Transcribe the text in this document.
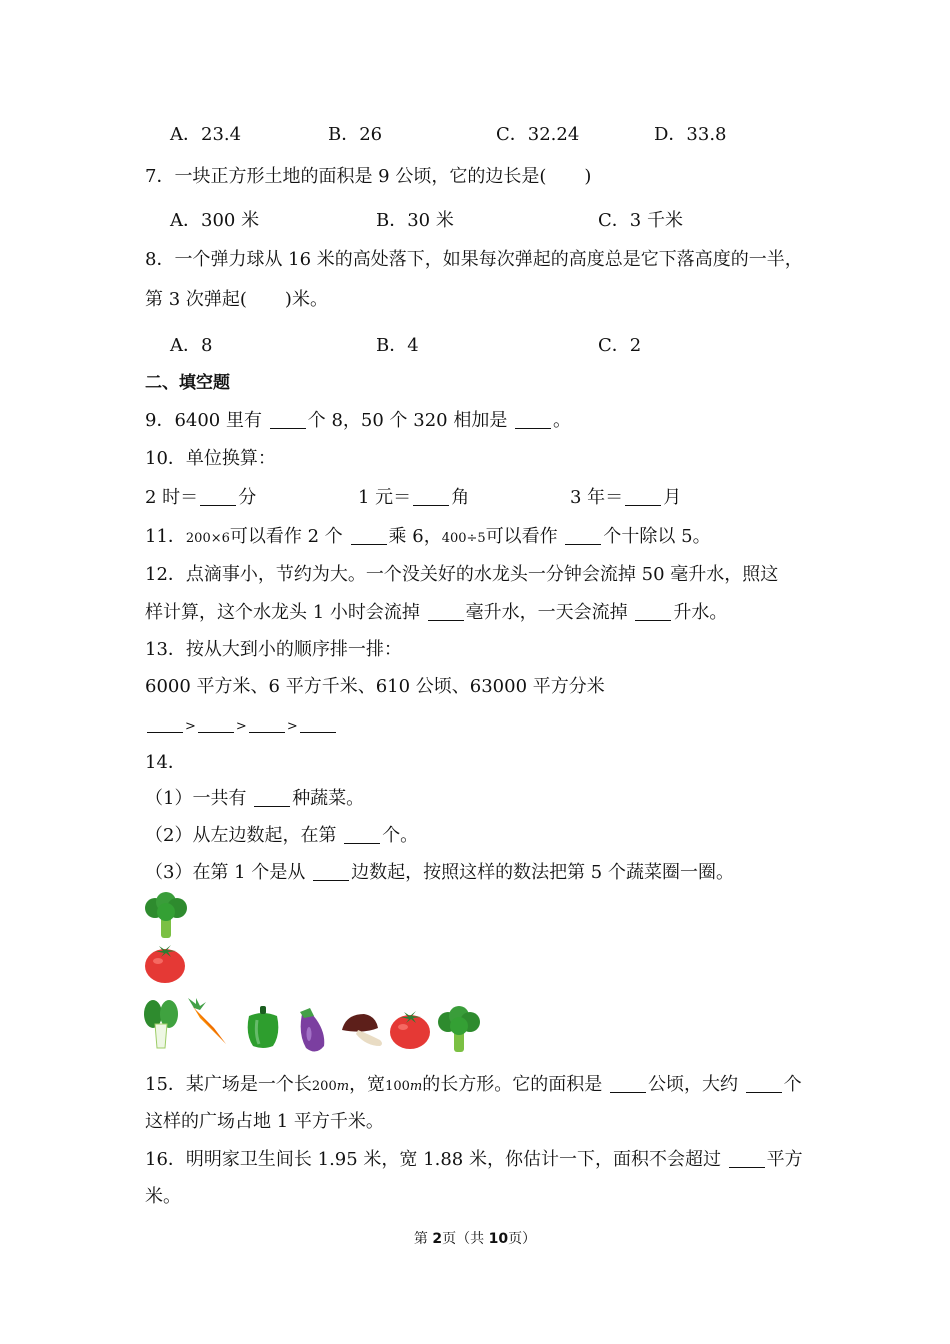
A．23.4	B．26	C．32.24	D．33.8
7．一块正方形土地的面积是 9 公顷，它的边长是( )
A．300 米	B．30 米	C．3 千米
8．一个弹力球从 16 米的高处落下，如果每次弹起的高度总是它下落高度的一半，
第 3 次弹起( )米。
A．8	B．4	C．2
二、填空题
9．6400 里有 个 8，50 个 320 相加是 。
10．单位换算：
2 时＝ 分	1 元＝ 角	3 年＝ 月
11．200×6可以看作 2 个 乘 6，400÷5可以看作 个十除以 5。
12．点滴事小，节约为大。一个没关好的水龙头一分钟会流掉 50 毫升水，照这
样计算，这个水龙头 1 小时会流掉 毫升水，一天会流掉 升水。
13．按从大到小的顺序排一排：
6000 平方米、6 平方千米、610 公顷、63000 平方分米
>	>	>
14．
（1）一共有 种蔬菜。
（2）从左边数起，在第 个。
（3）在第 1 个是从 边数起，按照这样的数法把第 5 个蔬菜圈一圈。
15．某广场是一个长200m，宽100m的长方形。它的面积是 公顷，大约 个
这样的广场占地 1 平方千米。
16．明明家卫生间长 1.95 米，宽 1.88 米，你估计一下，面积不会超过 平方
米。
第 2页（共 10页）
